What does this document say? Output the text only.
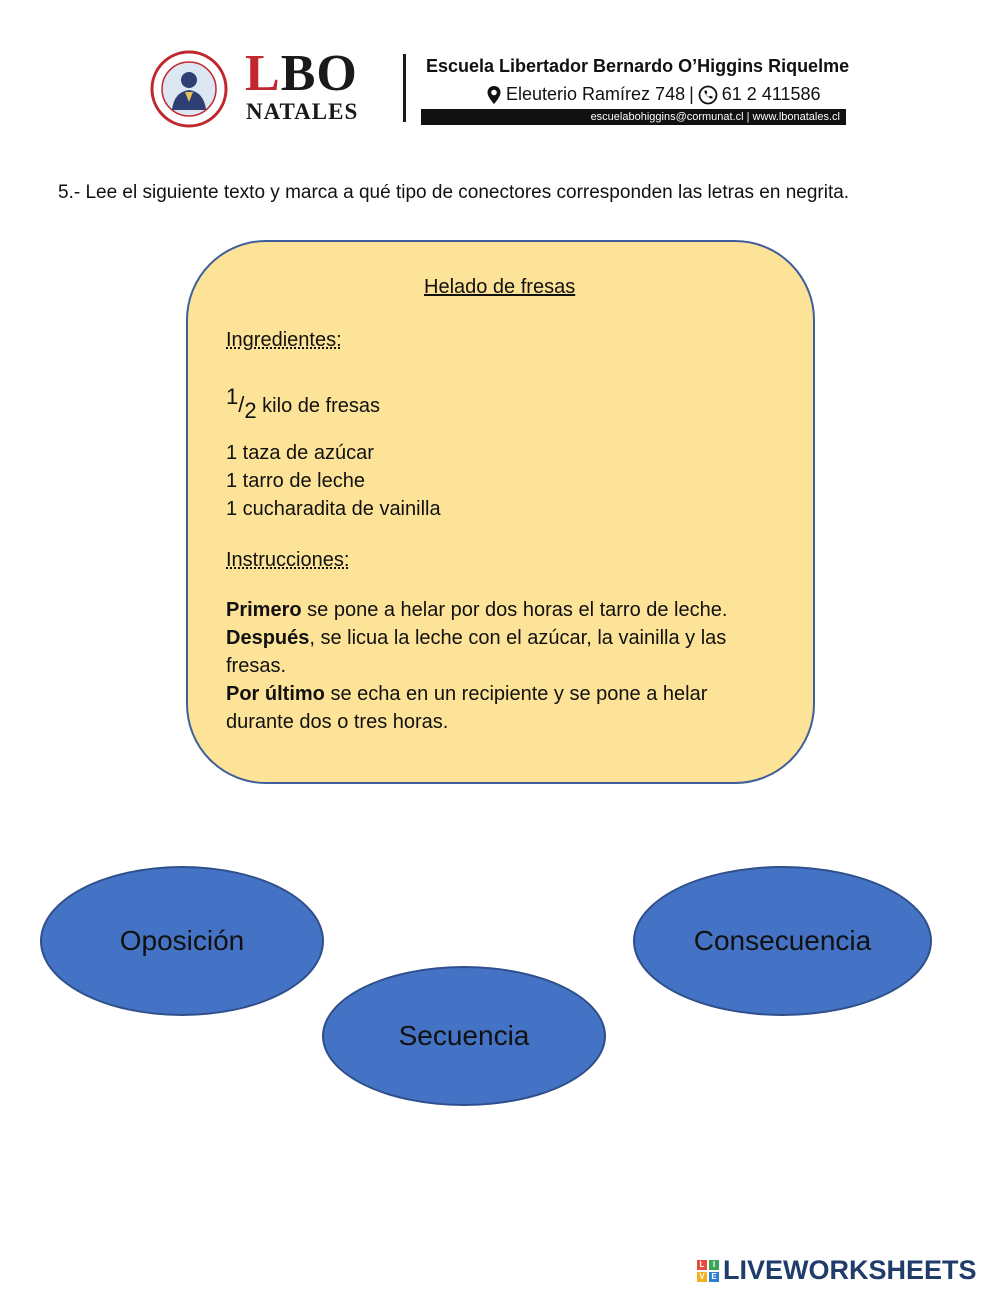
LBO
NATALES
Escuela Libertador Bernardo O’Higgins Riquelme
Eleuterio Ramírez 748 | 61 2 411586
escuelabohiggins@cormunat.cl | www.lbonatales.cl
5.- Lee el siguiente texto y marca a qué tipo de conectores corresponden las letras en negrita.
Helado de fresas
Ingredientes:
1/2 kilo de fresas
1 taza de azúcar
1 tarro de leche
1 cucharadita de vainilla
Instrucciones:
Primero se pone a helar por dos horas el tarro de leche.
Después, se licua la leche con el azúcar, la vainilla y las fresas.
Por último se echa en un recipiente y se pone a helar durante dos o tres horas.
Oposición	Consecuencia
Secuencia
L	I
V E LIVEWORKSHEETS
